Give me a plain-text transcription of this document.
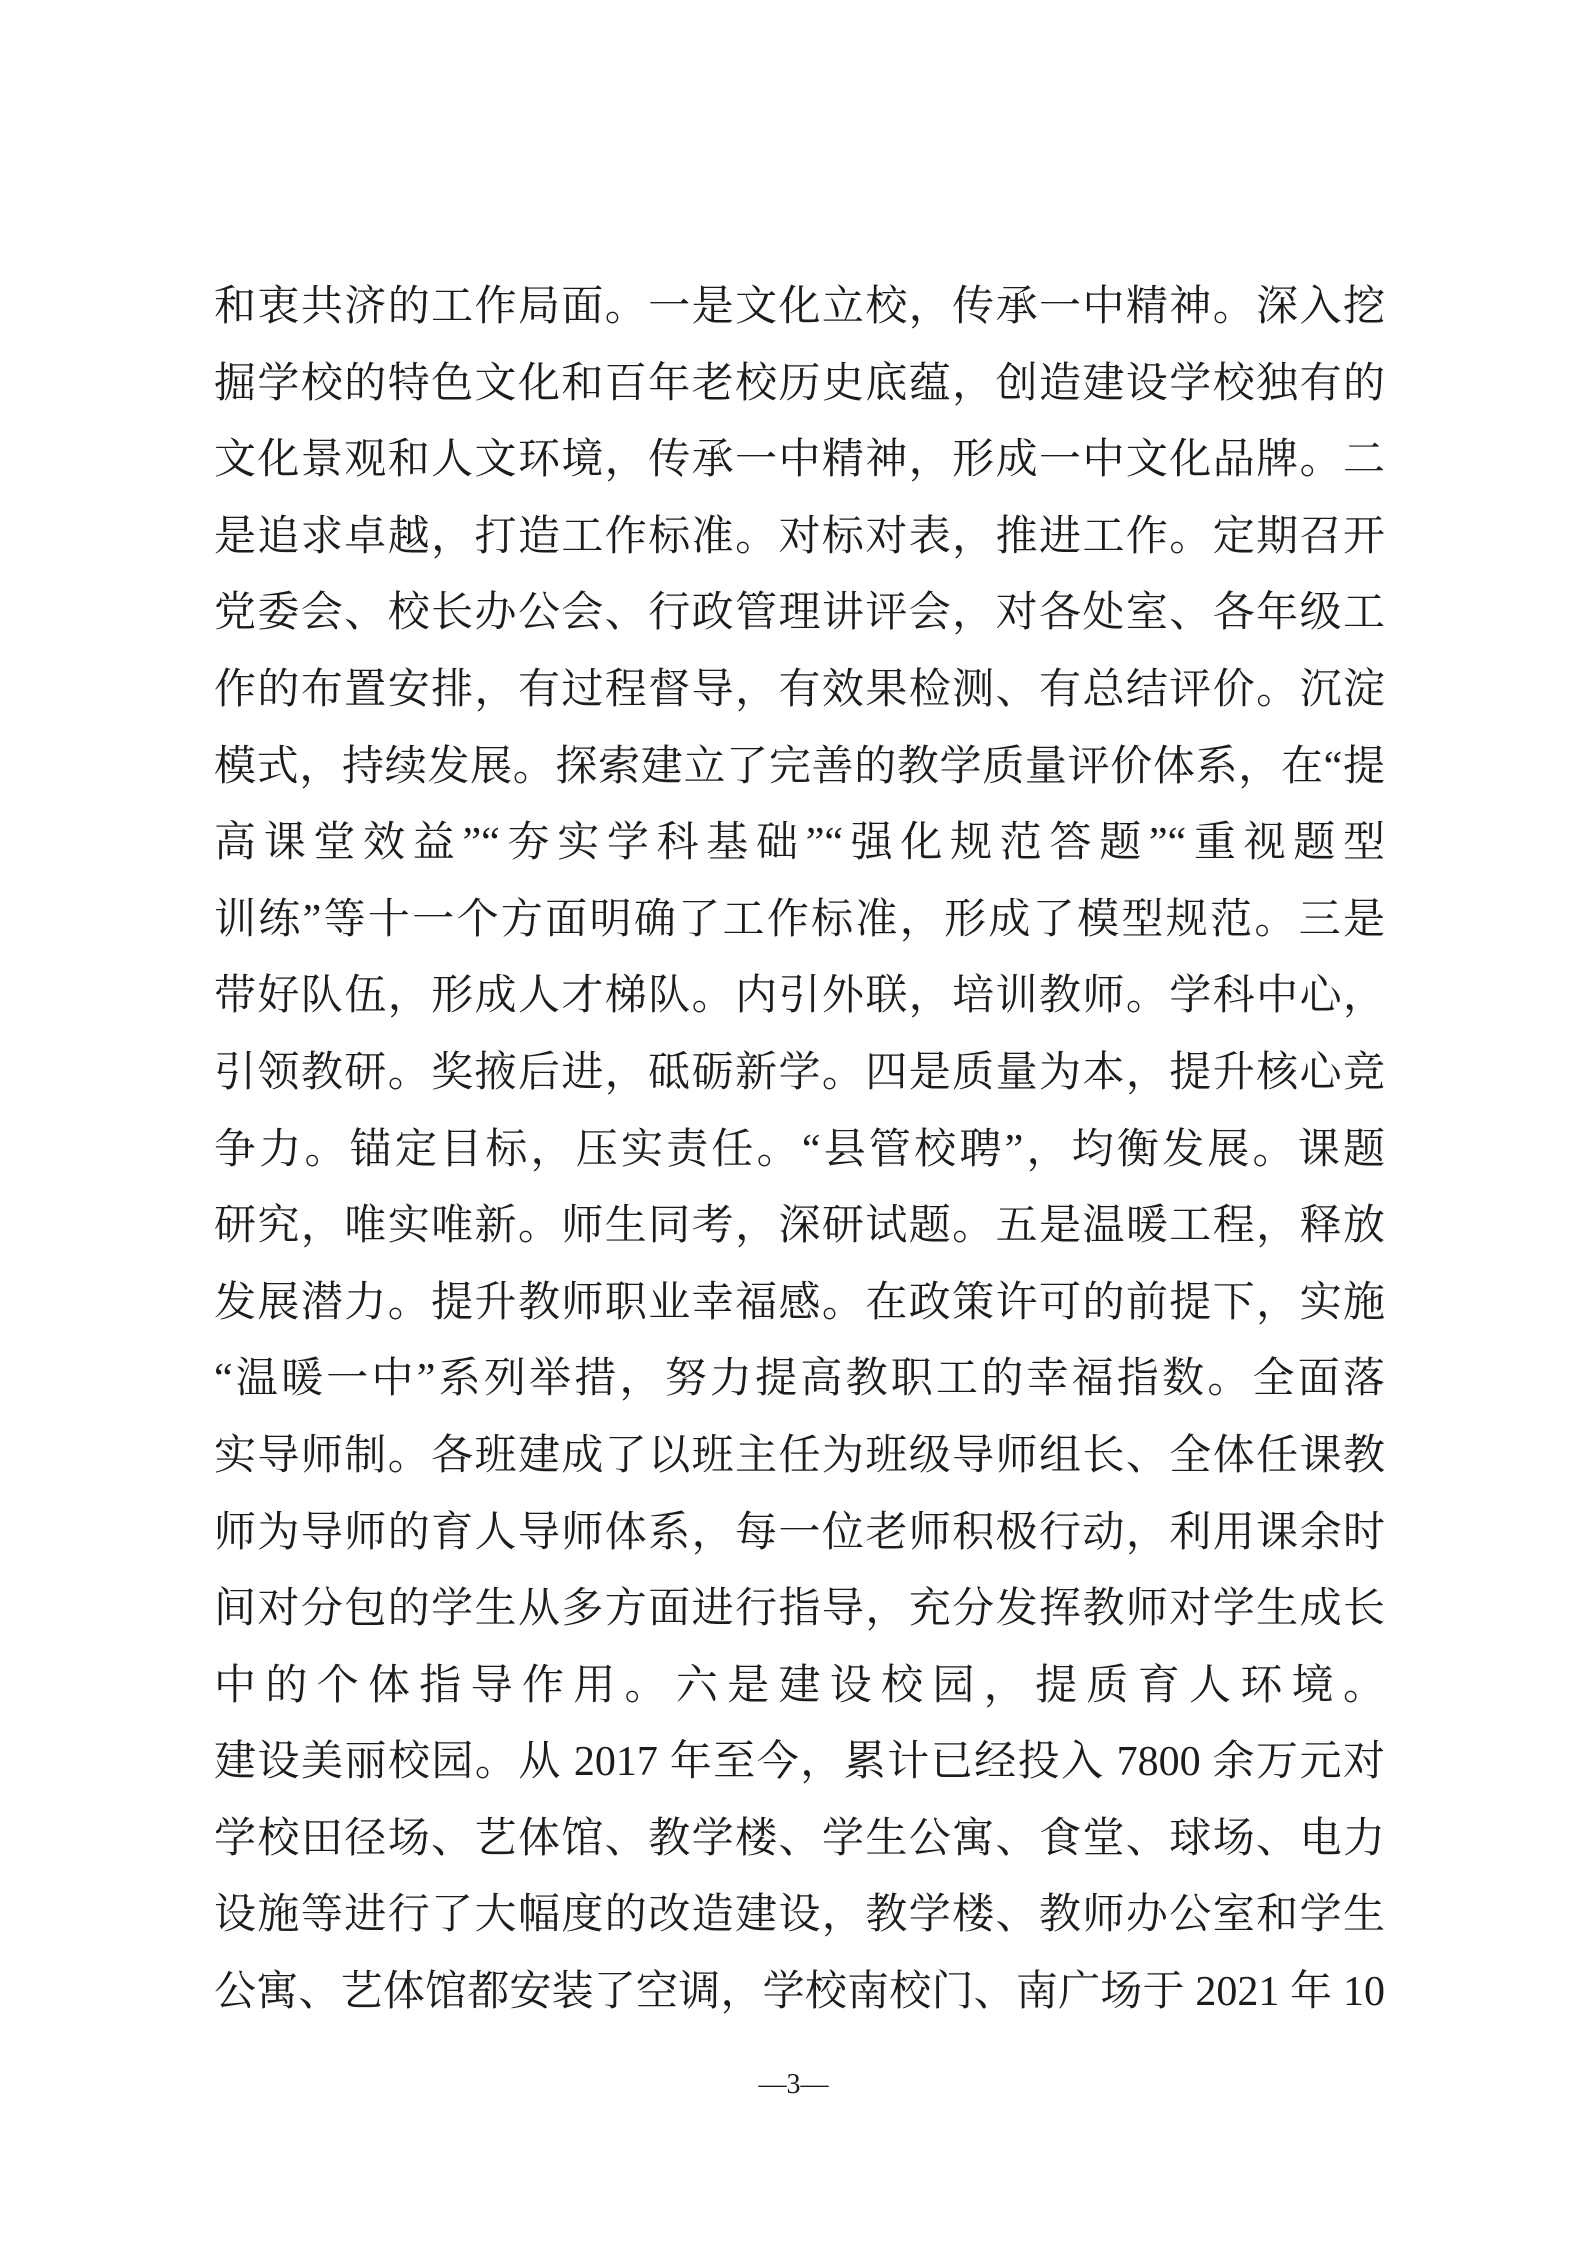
和衷共济的工作局面。一是文化立校，传承一中精神。深入挖
掘学校的特色文化和百年老校历史底蕴，创造建设学校独有的
文化景观和人文环境，传承一中精神，形成一中文化品牌。二
是追求卓越，打造工作标准。对标对表，推进工作。定期召开
党委会、校长办公会、行政管理讲评会，对各处室、各年级工
作的布置安排，有过程督导，有效果检测、有总结评价。沉淀
模式，持续发展。探索建立了完善的教学质量评价体系，在“提
高课堂效益”“夯实学科基础”“强化规范答题”“重视题型
训练”等十一个方面明确了工作标准，形成了模型规范。三是
带好队伍，形成人才梯队。内引外联，培训教师。学科中心，
引领教研。奖掖后进，砥砺新学。四是质量为本，提升核心竞
争力。锚定目标，压实责任。“县管校聘”，均衡发展。课题
研究，唯实唯新。师生同考，深研试题。五是温暖工程，释放
发展潜力。提升教师职业幸福感。在政策许可的前提下，实施
“温暖一中”系列举措，努力提高教职工的幸福指数。全面落
实导师制。各班建成了以班主任为班级导师组长、全体任课教
师为导师的育人导师体系，每一位老师积极行动，利用课余时
间对分包的学生从多方面进行指导，充分发挥教师对学生成长
中的个体指导作用。六是建设校园，提质育人环境。
建设美丽校园。从 2017 年至今，累计已经投入 7800 余万元对
学校田径场、艺体馆、教学楼、学生公寓、食堂、球场、电力
设施等进行了大幅度的改造建设，教学楼、教师办公室和学生
公寓、艺体馆都安装了空调，学校南校门、南广场于 2021 年 10
—3—
